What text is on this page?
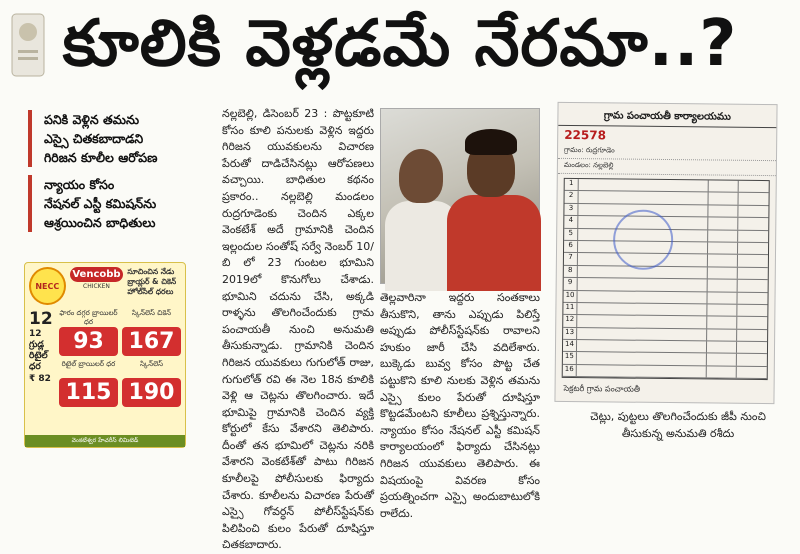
కూలికి వెళ్లడమే నేరమా..?
పనికి వెళ్లిన తమను
ఎస్సై చితకబాదాడని
గిరిజన కూలీల ఆరోపణ
న్యాయం కోసం
నేషనల్ ఎస్టీ కమిషన్‌ను
ఆశ్రయించిన బాధితులు
NECC
Vencobb
CHICKEN
సూచించిన నేడు బ్రాయ్లర్ & చికెన్ హోల్‌సేల్ ధరలు
12
12 గ్రుడ్ల రిటైల్ ధర
₹ 82
ఫారం దగ్గర బ్రాయిలర్ ధర
93
స్కిన్‌లెస్ చికెన్
167
రిటైల్ బ్రాయిలర్ ధర
115
స్కిన్‌లెస్
190
వెంకటేశ్వర హేచరీస్ లిమిటెడ్
నల్లబెల్లి, డిసెంబర్ 23 : పొట్టకూటి కోసం కూలి పనులకు వెళ్లిన ఇద్దరు గిరిజన యువకులను విచారణ పేరుతో దాడిచేసినట్లు ఆరోపణలు వచ్చాయి. బాధితుల కథనం ప్రకారం.. నల్లబెల్లి మండలం రుద్రగూడెంకు చెందిన ఎక్కల వెంకటేశ్ అదే గ్రామానికి చెందిన ఇల్లందుల సంతోష్ సర్వే నెంబర్ 10/బి లో 23 గుంటల భూమిని 2019లో కొనుగోలు చేశాడు. భూమిని చదును చేసి, అక్కడి రాళ్ళను తొలగించేందుకు గ్రామ పంచాయతీ నుంచి అనుమతి తీసుకున్నాడు. గ్రామానికి చెందిన గిరిజన యువకులు గుగులోత్ రాజు, గుగులోత్ రవి ఈ నెల 18న కూలికి వెళ్లి ఆ చెట్లను తొలగించారు. ఇదే భూమిపై గ్రామానికి చెందిన వ్యక్తి కోర్టులో కేసు వేశారని తెలిపారు. దీంతో తన భూమిలో చెట్లను నరికి వేశారని వెంకటేశ్‌తో పాటు గిరిజన కూలీలపై పోలీసులకు ఫిర్యాదు చేశారు. కూలీలను విచారణ పేరుతో ఎస్సై గోవర్ధన్ పోలీస్‌స్టేషన్‌కు పిలిపించి కులం పేరుతో దూషిస్తూ చితకబాదారు.
తెల్లవారినా ఇద్దరు సంతకాలు తీసుకొని, తాను ఎప్పుడు పిలిస్తే అప్పుడు పోలీస్‌స్టేషన్‌కు రావాలని హుకుం జారీ చేసి వదిలేశారు. బుక్కెడు బువ్వ కోసం పొట్ట చేత పట్టుకొని కూలి నులకు వెళ్లిన తమను ఎస్సై కులం పేరుతో దూషిస్తూ కొట్టడమేంటని కూలీలు ప్రశ్నిస్తున్నారు. న్యాయం కోసం నేషనల్ ఎస్టీ కమిషన్ కార్యాలయంలో ఫిర్యాదు చేసినట్లు గిరిజన యువకులు తెలిపారు. ఈ విషయంపై వివరణ కోసం ప్రయత్నించగా ఎస్సై అందుబాటులోకి రాలేదు.
గ్రామ పంచాయతీ కార్యాలయము
22578
గ్రామం: రుద్రగూడెం
మండలం: నల్లబెల్లి
1
2
3
4
5
6
7
8
9
10
11
12
13
14
15
16
సెక్రటరీ గ్రామ పంచాయతీ
చెట్లు, పుట్టలు తొలగించేందుకు జీపీ నుంచి తీసుకున్న అనుమతి రశీదు
